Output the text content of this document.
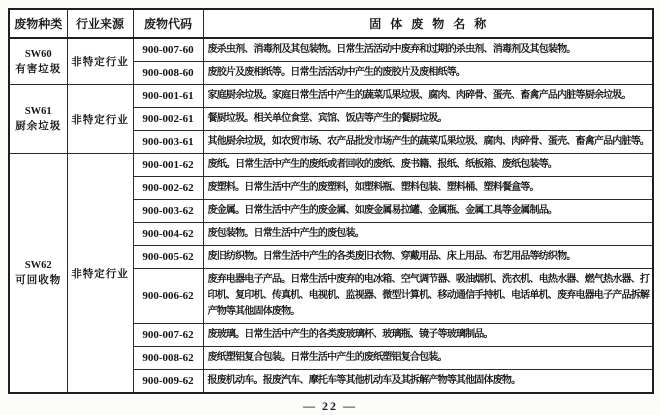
废物种类	行业来源	废物代码	固体废物名称

SW60
有害垃圾	非特定行业	900-007-60	废杀虫剂、消毒剂及其包装物。日常生活活动中废弃和过期的杀虫剂、消毒剂及其包装物。
		900-008-60	废胶片及废相纸等。日常生活活动中产生的废胶片及废相纸等。

SW61
厨余垃圾	非特定行业	900-001-61	家庭厨余垃圾。家庭日常生活中产生的蔬菜瓜果垃圾、腐肉、肉碎骨、蛋壳、畜禽产品内脏等厨余垃圾。
		900-002-61	餐厨垃圾。相关单位食堂、宾馆、饭店等产生的餐厨垃圾。
		900-003-61	其他厨余垃圾，如农贸市场、农产品批发市场产生的蔬菜瓜果垃圾、腐肉、肉碎骨、蛋壳、畜禽产品内脏等。

SW62
可回收物	非特定行业	900-001-62	废纸。日常生活中产生的废纸或者回收的废纸、废书籍、报纸、纸板箱、废纸包装等。
		900-002-62	废塑料。日常生活中产生的废塑料，如塑料瓶、塑料包装、塑料桶、塑料餐盒等。
		900-003-62	废金属。日常生活中产生的废金属、如废金属易拉罐、金属瓶、金属工具等金属制品。
		900-004-62	废包装物。日常生活中产生的废包装。
		900-005-62	废旧纺织物。日常生活中产生的各类废旧衣物、穿戴用品、床上用品、布艺用品等纺织物。
		900-006-62	废弃电器电子产品。日常生活中废弃的电冰箱、空气调节器、吸油烟机、洗衣机、电热水器、燃气热水器、打印机、复印机、传真机、电视机、监视器、微型计算机、移动通信手持机、电话单机、废弃电器电子产品拆解产物等其他固体废物。
		900-007-62	废玻璃。日常生活中产生的各类废玻璃杯、玻璃瓶、镜子等玻璃制品。
		900-008-62	废纸塑铝复合包装。日常生活中产生的废纸塑铝复合包装。
		900-009-62	报废机动车。报废汽车、摩托车等其他机动车及其拆解产物等其他固体废物。
— 22 —
